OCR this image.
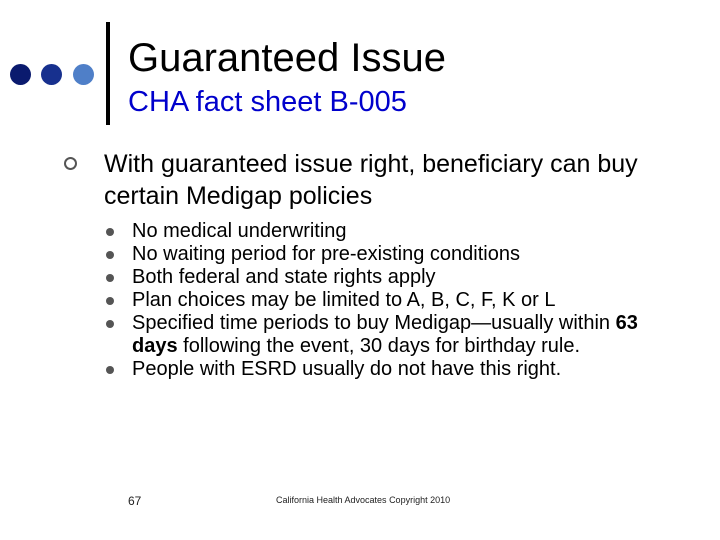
Guaranteed Issue
CHA fact sheet B-005
With guaranteed issue right, beneficiary can buy certain Medigap policies
No medical underwriting
No waiting period for pre-existing conditions
Both federal and state rights apply
Plan choices may be limited to A, B, C, F, K or L
Specified time periods to buy Medigap—usually within 63 days following the event, 30 days for birthday rule.
People with ESRD usually do not have this right.
67	California Health Advocates Copyright 2010
